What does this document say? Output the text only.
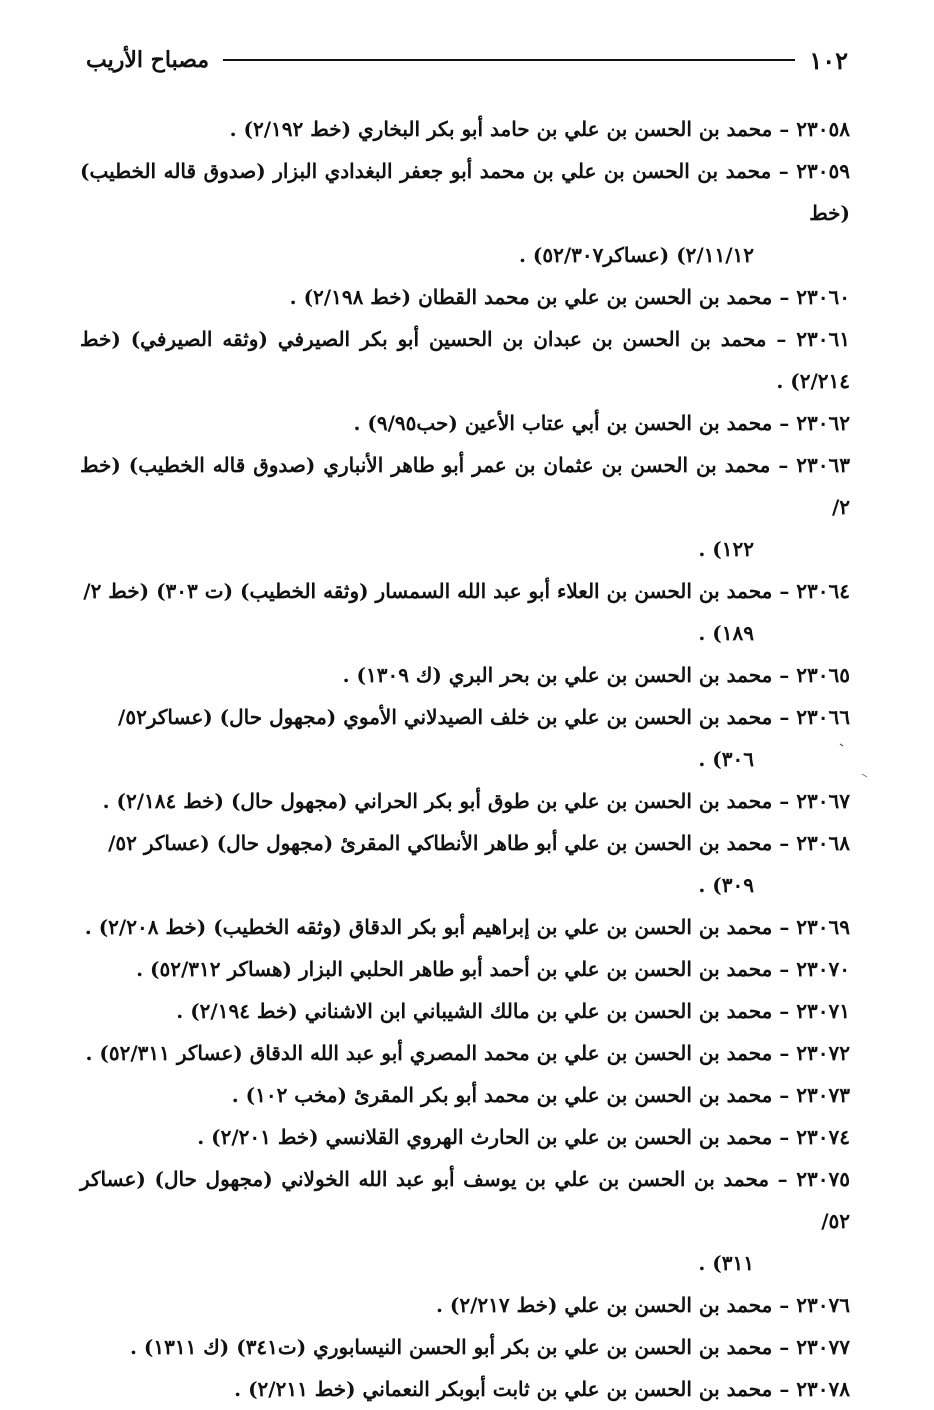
١٠٢
مصباح الأريب
٢٣٠٥٨ – محمد بن الحسن بن علي بن حامد أبو بكر البخاري (خط ٢/١٩٢) .
٢٣٠٥٩ – محمد بن الحسن بن علي بن محمد أبو جعفر البغدادي البزار (صدوق قاله الخطيب) (خط
٢/١١/١٢) (عساكر٥٢/٣٠٧) .
٢٣٠٦٠ – محمد بن الحسن بن علي بن محمد القطان (خط ٢/١٩٨) .
٢٣٠٦١ – محمد بن الحسن بن عبدان بن الحسين أبو بكر الصيرفي (وثقه الصيرفي) (خط ٢/٢١٤) .
٢٣٠٦٢ – محمد بن الحسن بن أبي عتاب الأعين (حب٩/٩٥) .
٢٣٠٦٣ – محمد بن الحسن بن عثمان بن عمر أبو طاهر الأنباري (صدوق قاله الخطيب) (خط ٢/
١٢٢) .
٢٣٠٦٤ – محمد بن الحسن بن العلاء أبو عبد الله السمسار (وثقه الخطيب) (ت ٣٠٣) (خط ٢/
١٨٩) .
٢٣٠٦٥ – محمد بن الحسن بن علي بن بحر البري (ك ١٣٠٩) .
٢٣٠٦٦ – محمد بن الحسن بن علي بن خلف الصيدلاني الأموي (مجهول حال) (عساكر٥٢/
٣٠٦) .
٢٣٠٦٧ – محمد بن الحسن بن علي بن طوق أبو بكر الحراني (مجهول حال) (خط ٢/١٨٤) .
٢٣٠٦٨ – محمد بن الحسن بن علي أبو طاهر الأنطاكي المقرئ (مجهول حال) (عساكر ٥٢/
٣٠٩) .
٢٣٠٦٩ – محمد بن الحسن بن علي بن إبراهيم أبو بكر الدقاق (وثقه الخطيب) (خط ٢/٢٠٨) .
٢٣٠٧٠ – محمد بن الحسن بن علي بن أحمد أبو طاهر الحلبي البزار (هساكر ٥٢/٣١٢) .
٢٣٠٧١ – محمد بن الحسن بن علي بن مالك الشيباني ابن الاشناني (خط ٢/١٩٤) .
٢٣٠٧٢ – محمد بن الحسن بن علي بن محمد المصري أبو عبد الله الدقاق (عساكر ٥٢/٣١١) .
٢٣٠٧٣ – محمد بن الحسن بن علي بن محمد أبو بكر المقرئ (مخب ١٠٢) .
٢٣٠٧٤ – محمد بن الحسن بن علي بن الحارث الهروي القلانسي (خط ٢/٢٠١) .
٢٣٠٧٥ – محمد بن الحسن بن علي بن يوسف أبو عبد الله الخولاني (مجهول حال) (عساكر ٥٢/
٣١١) .
٢٣٠٧٦ – محمد بن الحسن بن علي (خط ٢/٢١٧) .
٢٣٠٧٧ – محمد بن الحسن بن علي بن بكر أبو الحسن النيسابوري (ت٣٤١) (ك ١٣١١) .
٢٣٠٧٨ – محمد بن الحسن بن علي بن ثابت أبوبكر النعماني (خط ٢/٢١١) .
